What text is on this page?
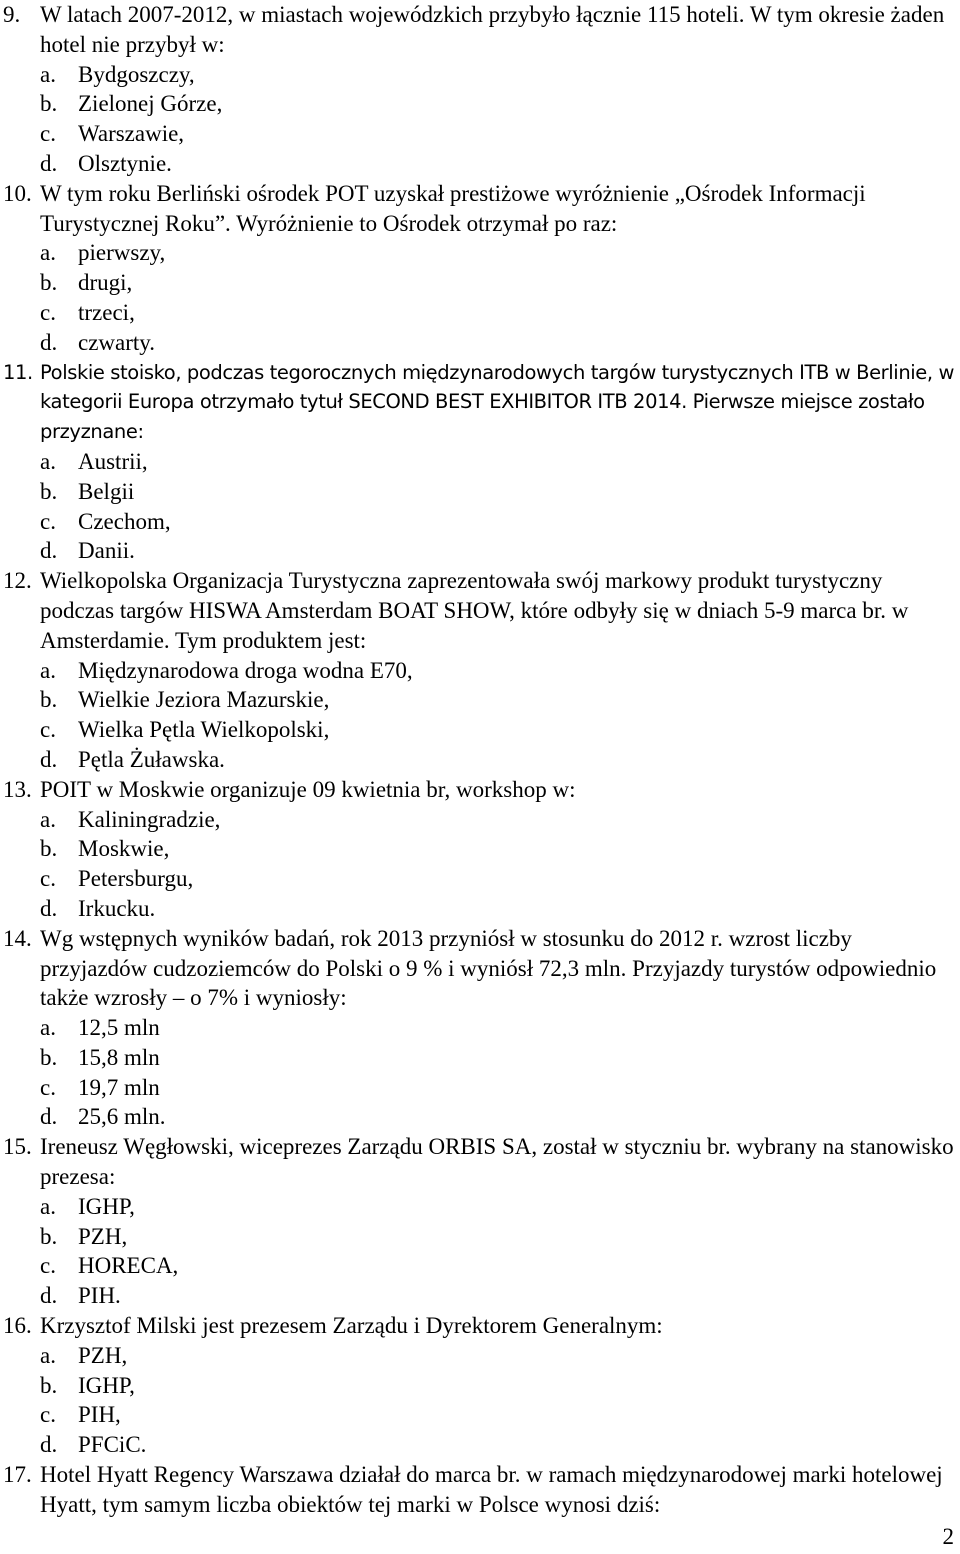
9. W latach 2007-2012, w miastach wojewódzkich przybyło łącznie 115 hoteli. W tym okresie żaden hotel nie przybył w:
a. Bydgoszczy,
b. Zielonej Górze,
c. Warszawie,
d. Olsztynie.
10. W tym roku Berliński ośrodek POT uzyskał prestiżowe wyróżnienie „Ośrodek Informacji Turystycznej Roku”. Wyróżnienie to Ośrodek otrzymał po raz:
a. pierwszy,
b. drugi,
c. trzeci,
d. czwarty.
11. Polskie stoisko, podczas tegorocznych międzynarodowych targów turystycznych ITB w Berlinie, w kategorii Europa otrzymało tytuł SECOND BEST EXHIBITOR ITB 2014. Pierwsze miejsce zostało przyznane:
a. Austrii,
b. Belgii
c. Czechom,
d. Danii.
12. Wielkopolska Organizacja Turystyczna zaprezentowała swój markowy produkt turystyczny podczas targów HISWA Amsterdam BOAT SHOW, które odbyły się w dniach 5-9 marca br. w Amsterdamie. Tym produktem jest:
a. Międzynarodowa droga wodna E70,
b. Wielkie Jeziora Mazurskie,
c. Wielka Pętla Wielkopolski,
d. Pętla Żuławska.
13. POIT w Moskwie organizuje 09 kwietnia br, workshop w:
a. Kaliningradzie,
b. Moskwie,
c. Petersburgu,
d. Irkucku.
14. Wg wstępnych wyników badań, rok 2013 przyniósł w stosunku do 2012 r. wzrost liczby przyjazdów cudzoziemców do Polski o 9 % i wyniósł 72,3 mln. Przyjazdy turystów odpowiednio także wzrosły – o 7% i wyniosły:
a. 12,5 mln
b. 15,8 mln
c. 19,7 mln
d. 25,6 mln.
15. Ireneusz Węgłowski, wiceprezes Zarządu ORBIS SA, został w styczniu br. wybrany na stanowisko prezesa:
a. IGHP,
b. PZH,
c. HORECA,
d. PIH.
16. Krzysztof Milski jest prezesem Zarządu i Dyrektorem Generalnym:
a. PZH,
b. IGHP,
c. PIH,
d. PFCiC.
17. Hotel Hyatt Regency Warszawa działał do marca br. w ramach międzynarodowej marki hotelowej Hyatt, tym samym liczba obiektów tej marki w Polsce wynosi dziś:
2
